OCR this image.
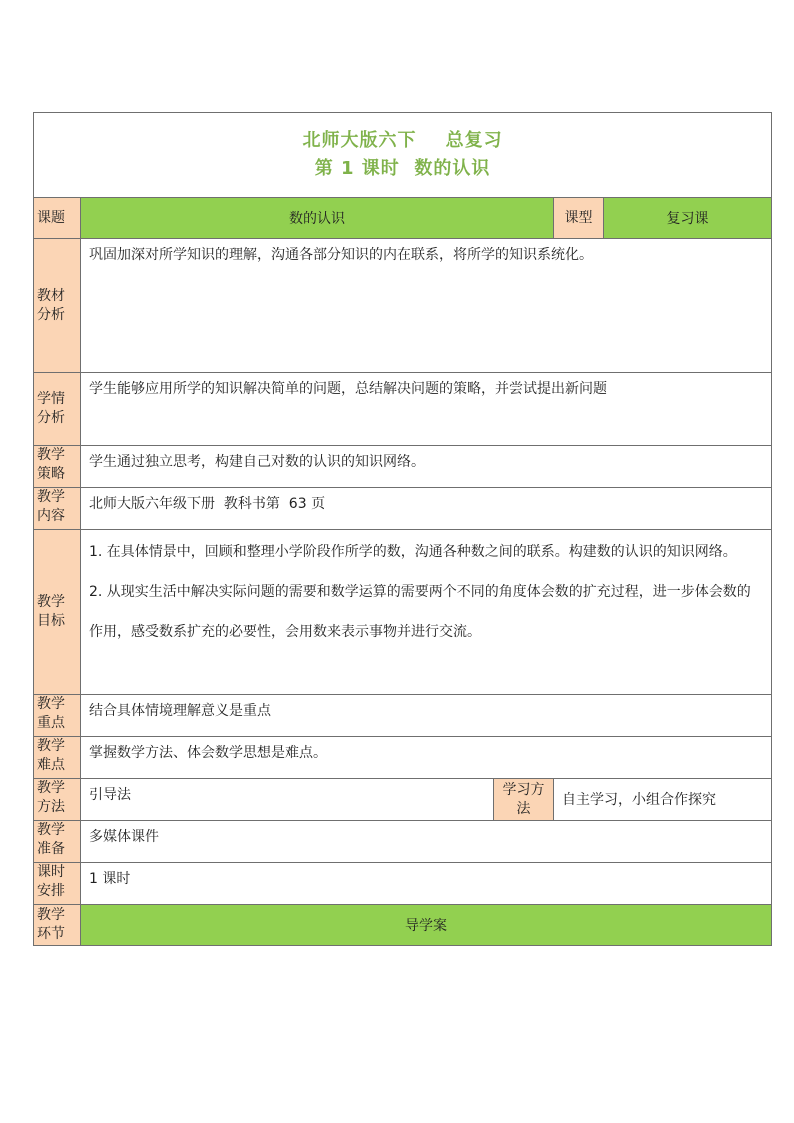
北师大版六下    总复习
第 1 课时  数的认识				

课题	数的认识		课型	复习课
教材分析	巩固加深对所学知识的理解，沟通各部分知识的内在联系，将所学的知识系统化。			
学情分析	学生能够应用所学的知识解决简单的问题，总结解决问题的策略，并尝试提出新问题			
教学策略	学生通过独立思考，构建自己对数的认识的知识网络。			
教学内容	北师大版六年级下册  教科书第  63 页			
教学目标	1. 在具体情景中，回顾和整理小学阶段作所学的数，沟通各种数之间的联系。构建数的认识的知识网络。

2. 从现实生活中解决实际问题的需要和数学运算的需要两个不同的角度体会数的扩充过程，进一步体会数的作用，感受数系扩充的必要性，会用数来表示事物并进行交流。			

教学重点	结合具体情境理解意义是重点			
教学难点	掌握数学方法、体会数学思想是难点。			
教学方法	引导法	学习方法	自主学习，小组合作探究	
教学准备	多媒体课件			
课时安排	1 课时			
教学环节	导学案			
